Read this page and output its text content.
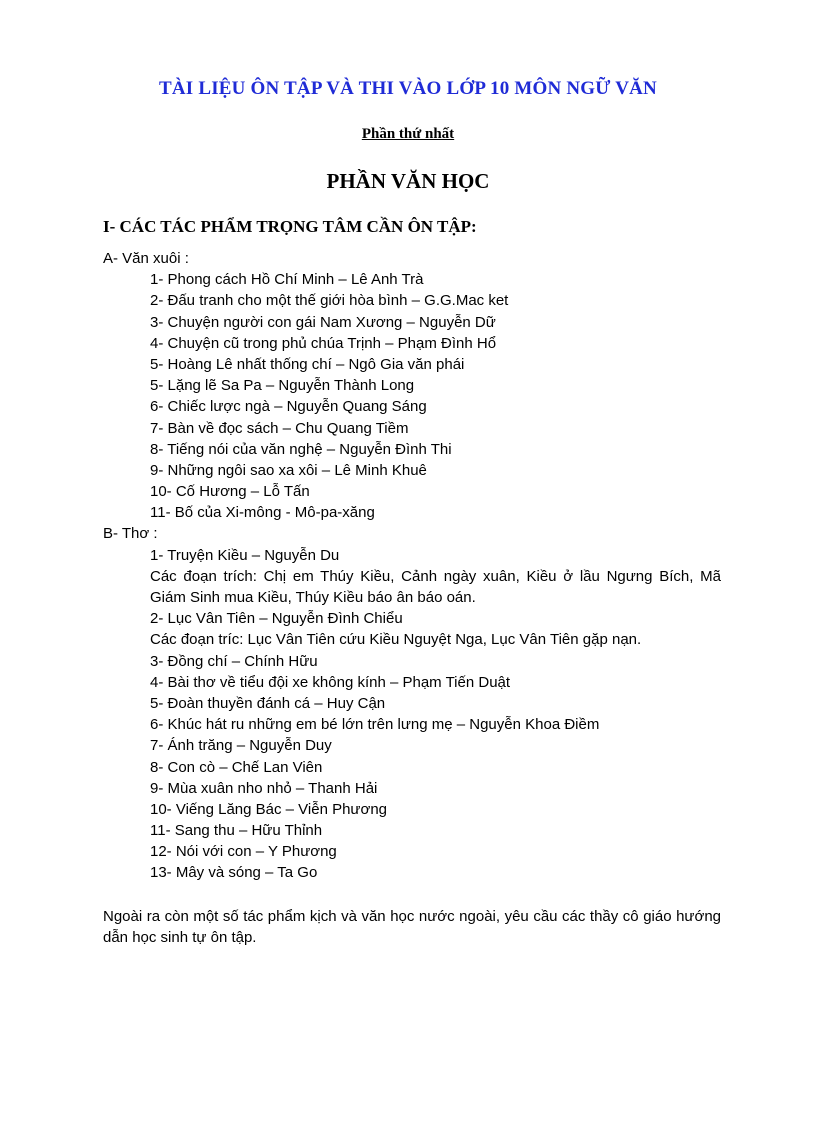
TÀI LIỆU ÔN TẬP VÀ THI VÀO LỚP 10 MÔN NGỮ VĂN
Phần thứ nhất
PHẦN VĂN HỌC
I- CÁC TÁC PHẨM TRỌNG TÂM CẦN ÔN TẬP:
A- Văn xuôi :
1- Phong cách Hồ Chí Minh – Lê Anh Trà
2- Đấu tranh cho một thế giới hòa bình – G.G.Mac ket
3- Chuyện người con gái Nam Xương – Nguyễn Dữ
4- Chuyện cũ trong phủ chúa Trịnh – Phạm Đình Hổ
5- Hoàng Lê nhất thống chí – Ngô Gia văn phái
5- Lặng lẽ Sa Pa – Nguyễn Thành Long
6- Chiếc lược ngà – Nguyễn Quang Sáng
7- Bàn về đọc sách – Chu Quang Tiềm
8- Tiếng nói của văn nghệ – Nguyễn Đình Thi
9- Những ngôi sao xa xôi – Lê Minh Khuê
10- Cố Hương – Lỗ Tấn
11- Bố của Xi-mông - Mô-pa-xăng
B- Thơ :
1- Truyện Kiều – Nguyễn Du
Các đoạn trích: Chị em Thúy Kiều, Cảnh ngày xuân, Kiều ở lầu Ngưng Bích, Mã Giám Sinh mua Kiều, Thúy Kiều báo ân báo oán.
2- Lục Vân Tiên – Nguyễn Đình Chiểu
Các đoạn tríc: Lục Vân Tiên cứu Kiều Nguyệt Nga, Lục Vân Tiên gặp nạn.
3- Đồng chí – Chính Hữu
4- Bài thơ về tiểu đội xe không kính – Phạm Tiến Duật
5- Đoàn thuyền đánh cá – Huy Cận
6- Khúc hát ru những em bé lớn trên lưng mẹ – Nguyễn Khoa Điềm
7- Ánh trăng – Nguyễn Duy
8- Con cò – Chế Lan Viên
9- Mùa xuân nho nhỏ – Thanh Hải
10- Viếng Lăng Bác – Viễn Phương
11- Sang thu – Hữu Thỉnh
12- Nói với con – Y Phương
13- Mây và sóng – Ta Go
Ngoài ra còn một số tác phẩm kịch và văn học nước ngoài, yêu cầu các thầy cô giáo hướng dẫn học sinh tự ôn tập.
